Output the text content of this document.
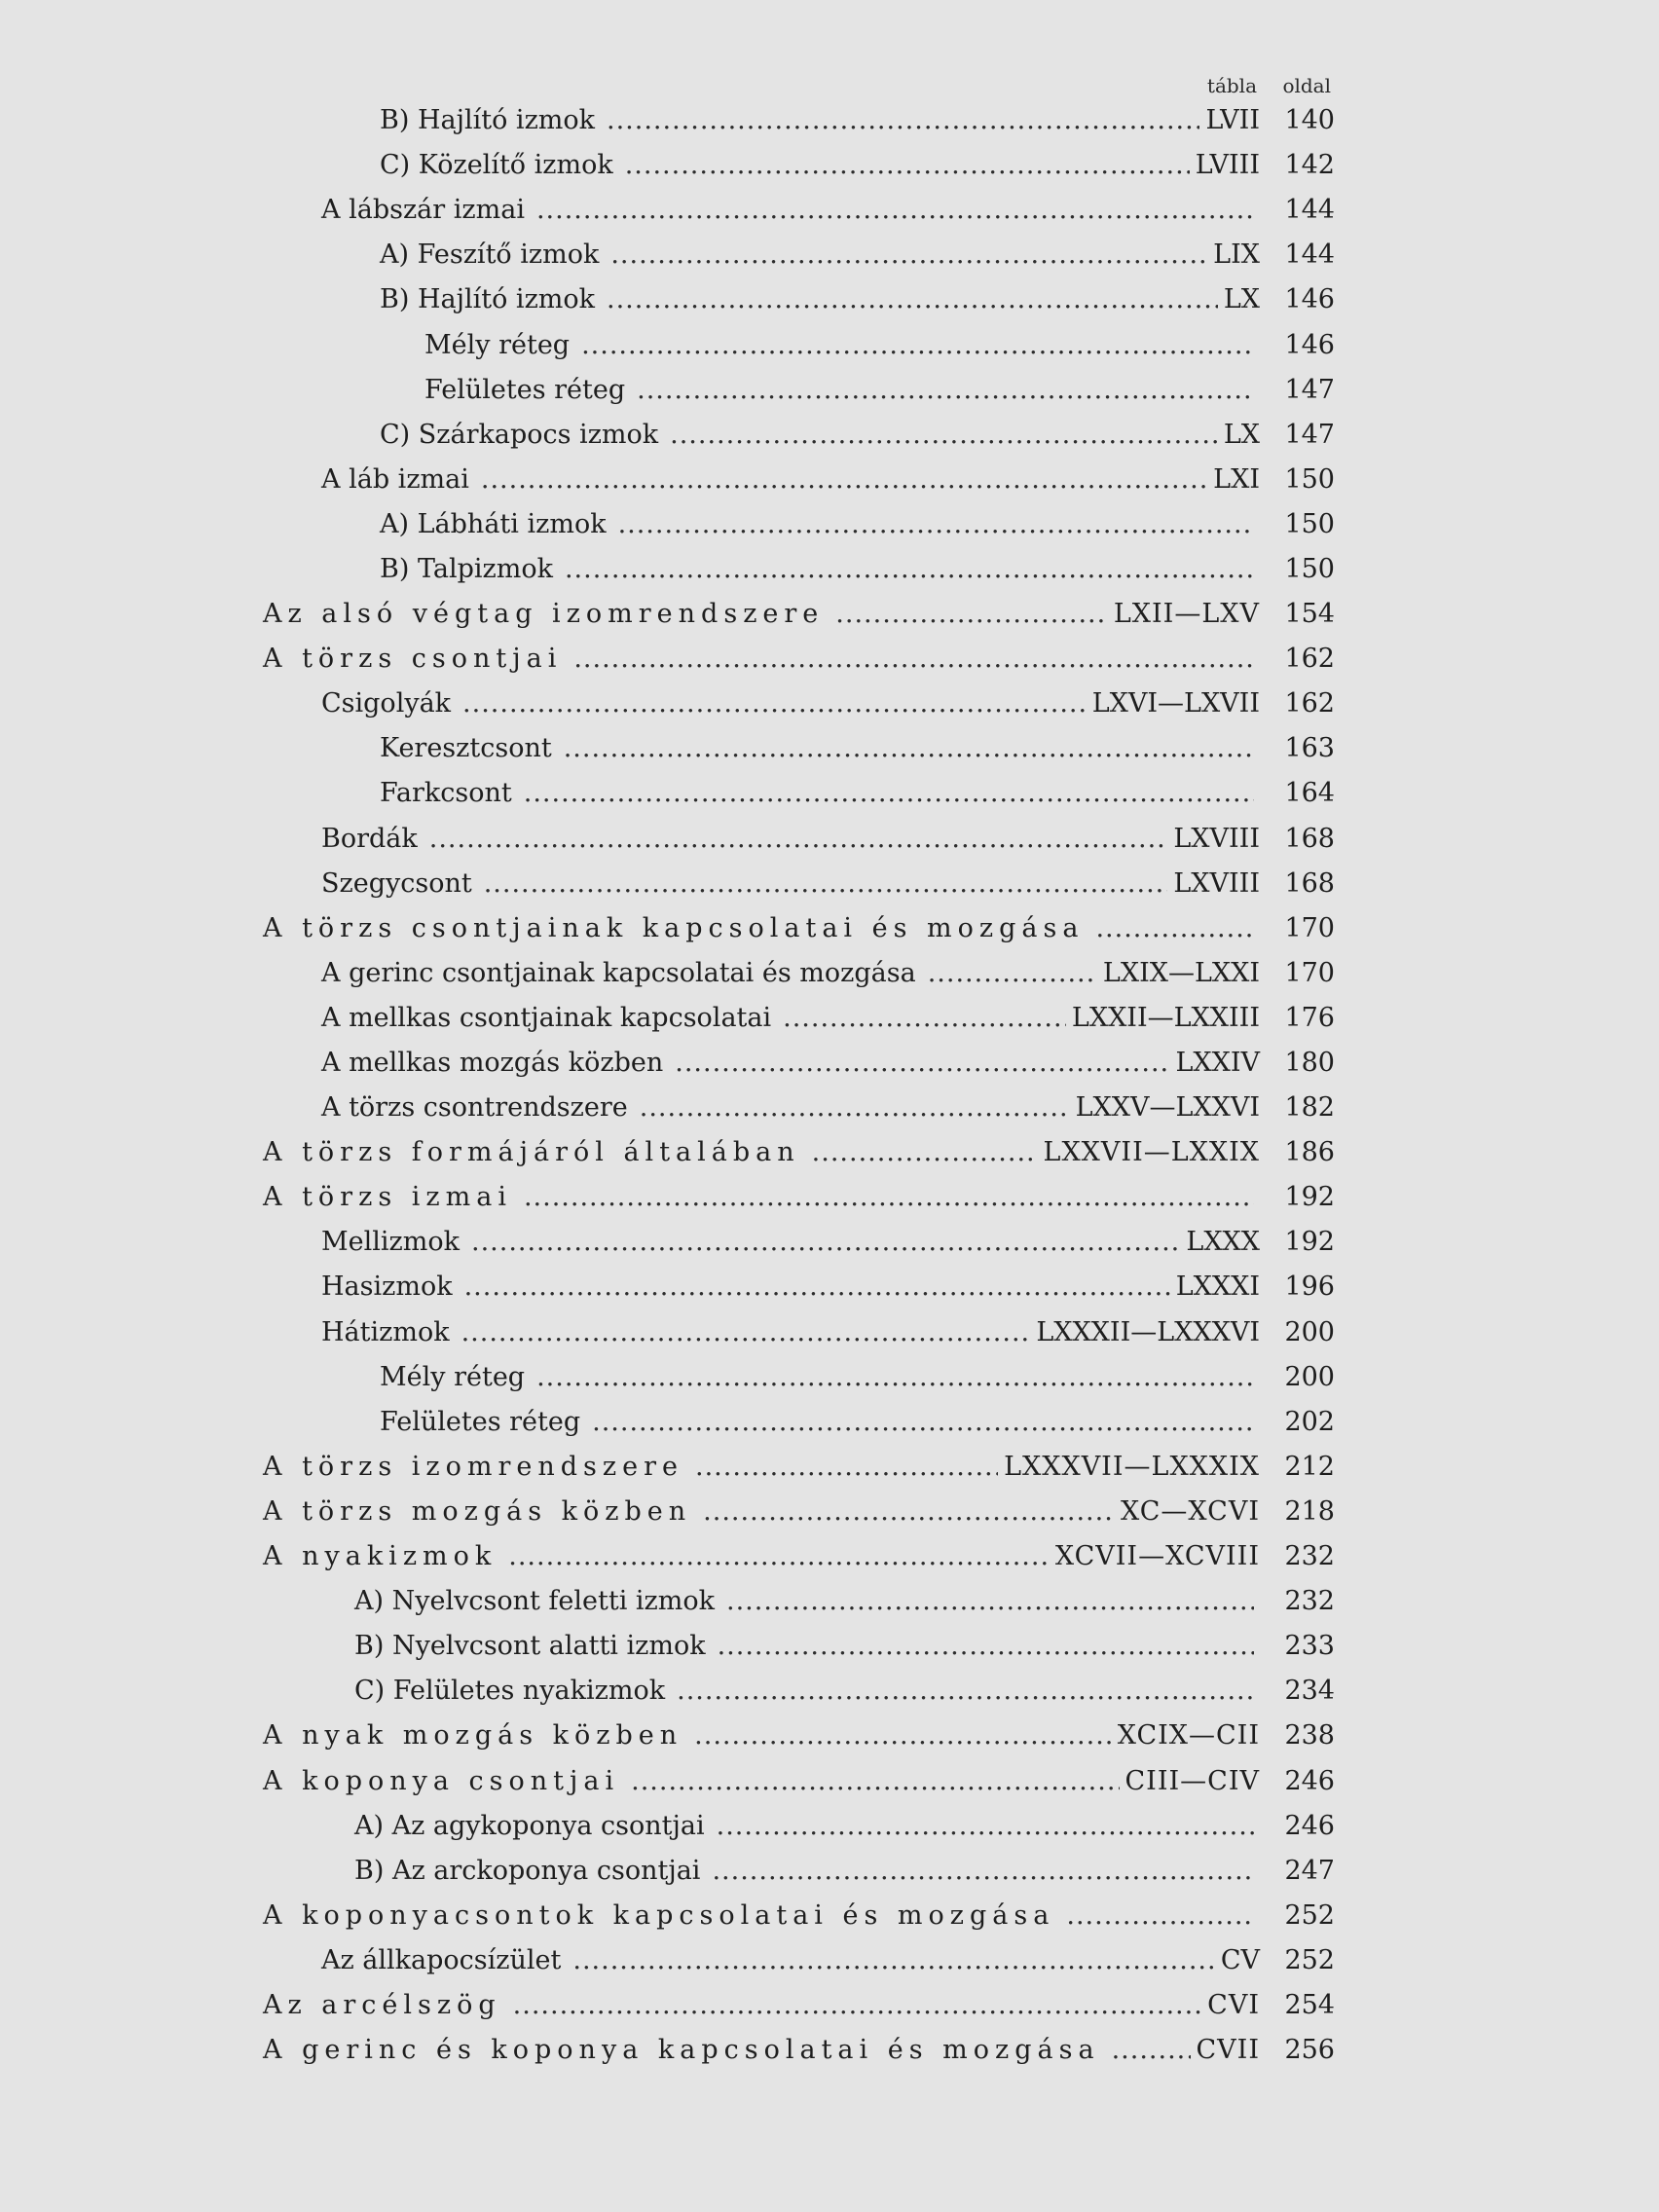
tábla oldal
B) Hajlító izmok .....	LVII 140
C) Közelítő izmok .....	LVIII 142
A lábszár izmai .....	144
A) Feszítő izmok .....	LIX 144
B) Hajlító izmok .....	LX 146
Mély réteg .....	146
Felületes réteg .....	147
C) Szárkapocs izmok .....	LX 147
A láb izmai .....	LXI 150
A) Lábháti izmok .....	150
B) Talpizmok .....	150
Az alsó végtag izomrendszere .....	LXII—LXV 154
A törzs csontjai .....	162
Csigolyák .....	LXVI—LXVII 162
Keresztcsont .....	163
Farkcsont .....	164
Bordák .....	LXVIII 168
Szegycsont .....	LXVIII 168
A törzs csontjainak kapcsolatai és mozgása .....	170
A gerinc csontjainak kapcsolatai és mozgása .....	LXIX—LXXI 170
A mellkas csontjainak kapcsolatai .....	LXXII—LXXIII 176
A mellkas mozgás közben .....	LXXIV 180
A törzs csontrendszere .....	LXXV—LXXVI 182
A törzs formájáról általában .....	LXXVII—LXXIX 186
A törzs izmai .....	192
Mellizmok .....	LXXX 192
Hasizmok .....	LXXXI 196
Hátizmok .....	LXXXII—LXXXVI 200
Mély réteg .....	200
Felületes réteg .....	202
A törzs izomrendszere .....	LXXXVII—LXXXIX 212
A törzs mozgás közben .....	XC—XCVI 218
A nyakizmok .....	XCVII—XCVIII 232
A) Nyelvcsont feletti izmok .....	232
B) Nyelvcsont alatti izmok .....	233
C) Felületes nyakizmok .....	234
A nyak mozgás közben .....	XCIX—CII 238
A koponya csontjai .....	CIII—CIV 246
A) Az agykoponya csontjai .....	246
B) Az arckoponya csontjai .....	247
A koponyacsontok kapcsolatai és mozgása .....	252
Az állkapocsízület .....	CV 252
Az arcélszög .....	CVI 254
A gerinc és koponya kapcsolatai és mozgása .....	CVII 256
